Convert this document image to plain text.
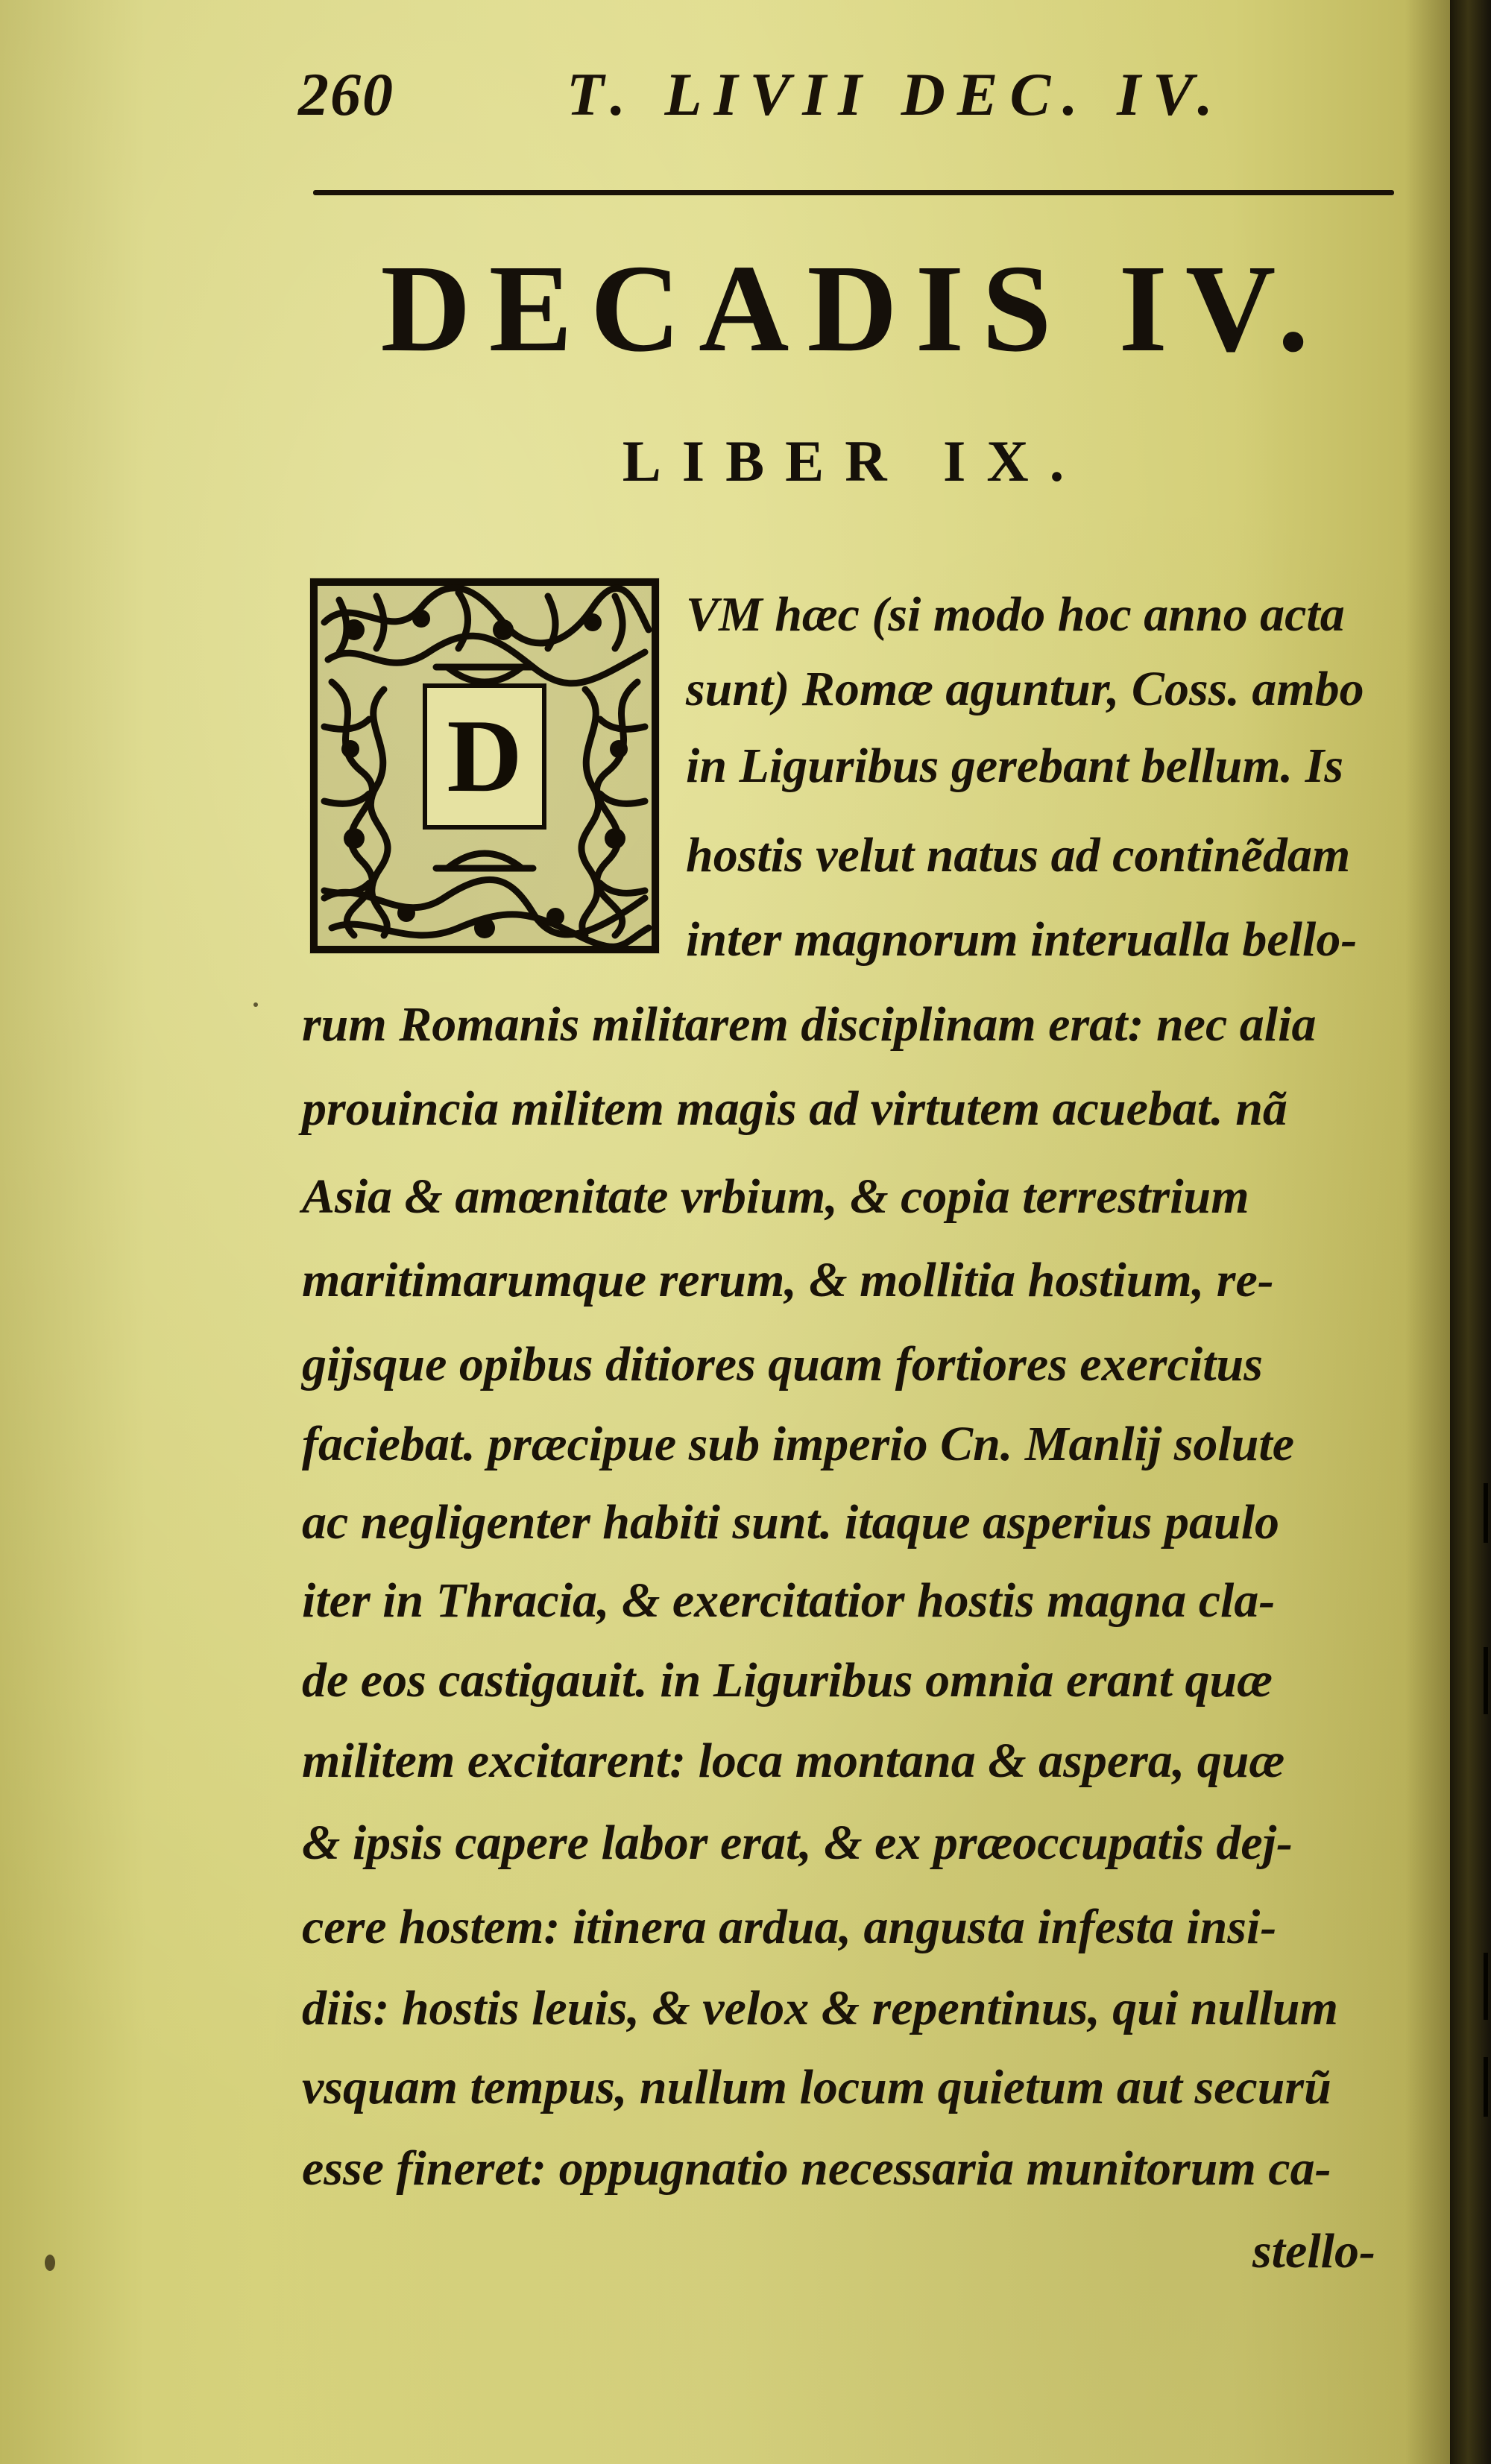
260	T. LIVII DEC. IV.
DECADIS IV.
LIBER IX.
D
VM hæc (si modo hoc anno acta
sunt) Romæ aguntur, Coss. ambo
in Liguribus gerebant bellum. Is
hostis velut natus ad continẽdam
inter magnorum interualla bello-
rum Romanis militarem disciplinam erat: nec alia
prouincia militem magis ad virtutem acuebat. nã
Asia & amœnitate vrbium, & copia terrestrium
maritimarumque rerum, & mollitia hostium, re-
gijsque opibus ditiores quam fortiores exercitus
faciebat. præcipue sub imperio Cn. Manlij solute
ac negligenter habiti sunt. itaque asperius paulo
iter in Thracia, & exercitatior hostis magna cla-
de eos castigauit. in Liguribus omnia erant quæ
militem excitarent: loca montana & aspera, quæ
& ipsis capere labor erat, & ex præoccupatis dej-
cere hostem: itinera ardua, angusta infesta insi-
diis: hostis leuis, & velox & repentinus, qui nullum
vsquam tempus, nullum locum quietum aut securũ
esse fineret: oppugnatio necessaria munitorum ca-
stello-
